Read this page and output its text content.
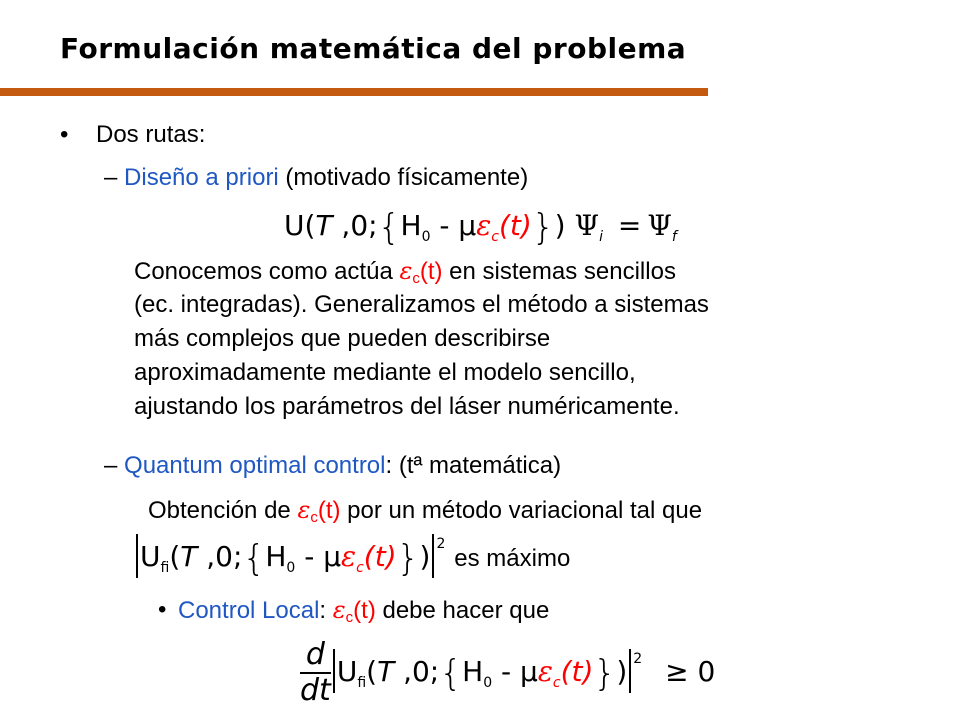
Formulación matemática del problema
• Dos rutas:
– Diseño a priori (motivado físicamente)
U(T $,0;\{H_0 - \mu\varepsilon_c(t)\}$) $\Psi_i = \Psi_f$
Conocemos como actúa $\varepsilon_c(t)$ en sistemas sencillos
(ec. integradas). Generalizamos el método a sistemas
más complejos que pueden describirse
aproximadamente mediante el modelo sencillo,
ajustando los parámetros del láser numéricamente.
– Quantum optimal control: (tª matemática)
Obtención de $\varepsilon_c(t)$ por un método variacional tal que
$U_{fi}(T$ $,0;\{H_0 - \mu\varepsilon_c(t)\}$) $^2$ es máximo
• Control Local: $\varepsilon_c(t)$ debe hacer que
$\frac{d}{dt} U_{fi}(T$ $,0;\{H_0 - \mu\varepsilon_c(t)\}$) $^2$ ≥ 0
